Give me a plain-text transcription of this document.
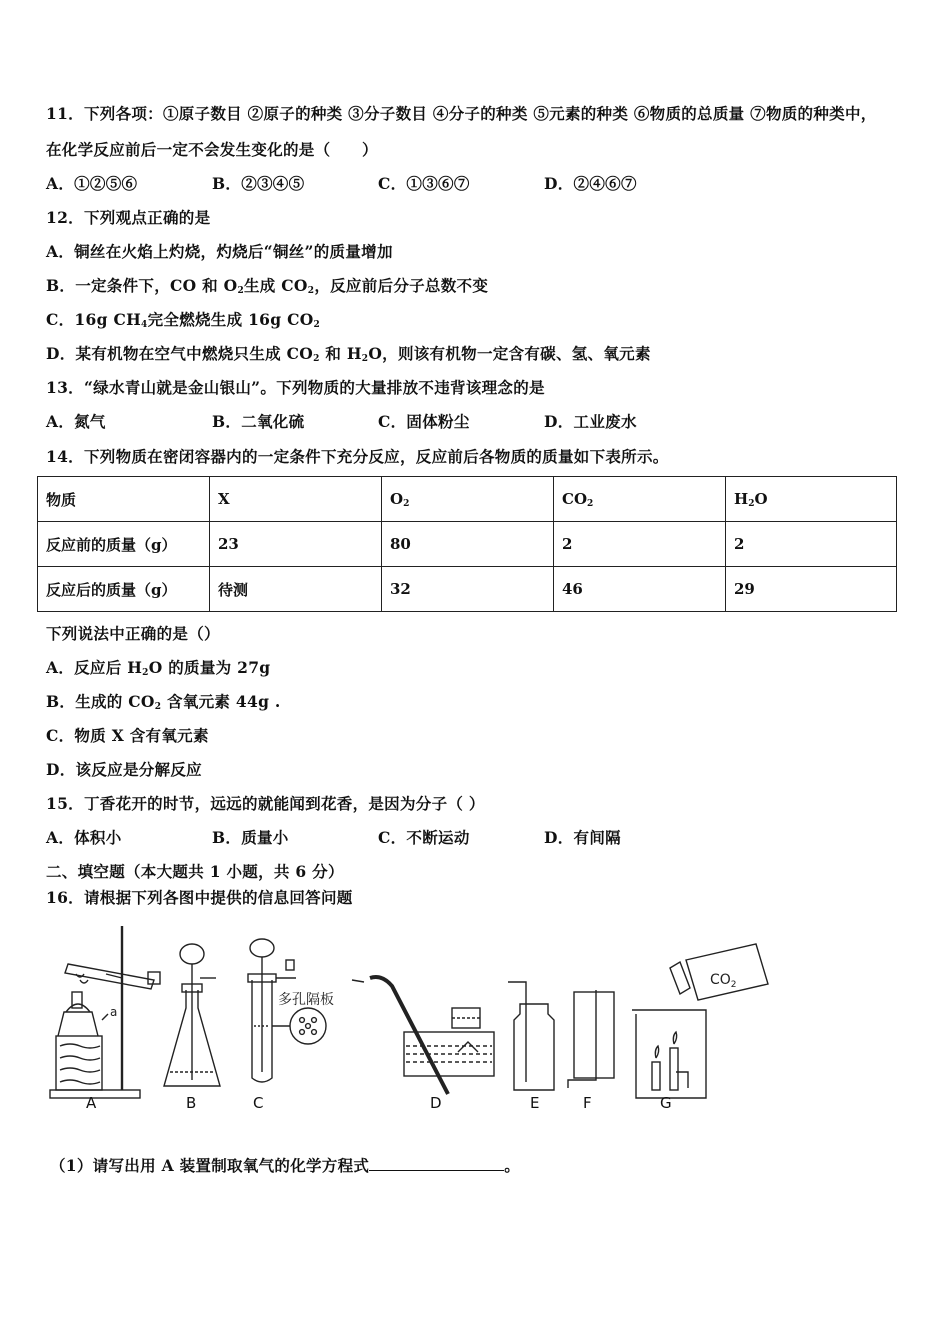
11．下列各项：①原子数目 ②原子的种类 ③分子数目 ④分子的种类 ⑤元素的种类 ⑥物质的总质量 ⑦物质的种类中，
在化学反应前后一定不会发生变化的是（　　）
A．①②⑤⑥	B．②③④⑤	C．①③⑥⑦	D．②④⑥⑦
12．下列观点正确的是
A．铜丝在火焰上灼烧，灼烧后“铜丝”的质量增加
B．一定条件下，CO 和 $O_2$生成 $CO_2$，反应前后分子总数不变
C．16g $CH_4$完全燃烧生成 16g $CO_2$
D．某有机物在空气中燃烧只生成 $CO_2$ 和 $H_2O$，则该有机物一定含有碳、氢、氧元素
13．“绿水青山就是金山银山”。下列物质的大量排放不违背该理念的是
A．氮气	B．二氧化硫	C．固体粉尘	D．工业废水
14．下列物质在密闭容器内的一定条件下充分反应，反应前后各物质的质量如下表所示。
物质	X	$O_2$	$CO_2$	$H_2O$
反应前的质量（g）	23	80	2	2
反应后的质量（g）	待测	32	46	29
下列说法中正确的是（）
A．反应后 $H_2O$ 的质量为 27g
B．生成的 $CO_2$ 含氧元素 44g .
C．物质 X 含有氧元素
D．该反应是分解反应
15．丁香花开的时节，远远的就能闻到花香，是因为分子（ ）
A．体积小	B．质量小	C．不断运动	D．有间隔
二、填空题（本大题共 1 小题，共 6 分）
16．请根据下列各图中提供的信息回答问题
a
多孔隔板
$CO_2$
A	B	C	D	E	F	G
（1）请写出用 A 装置制取氧气的化学方程式	。
